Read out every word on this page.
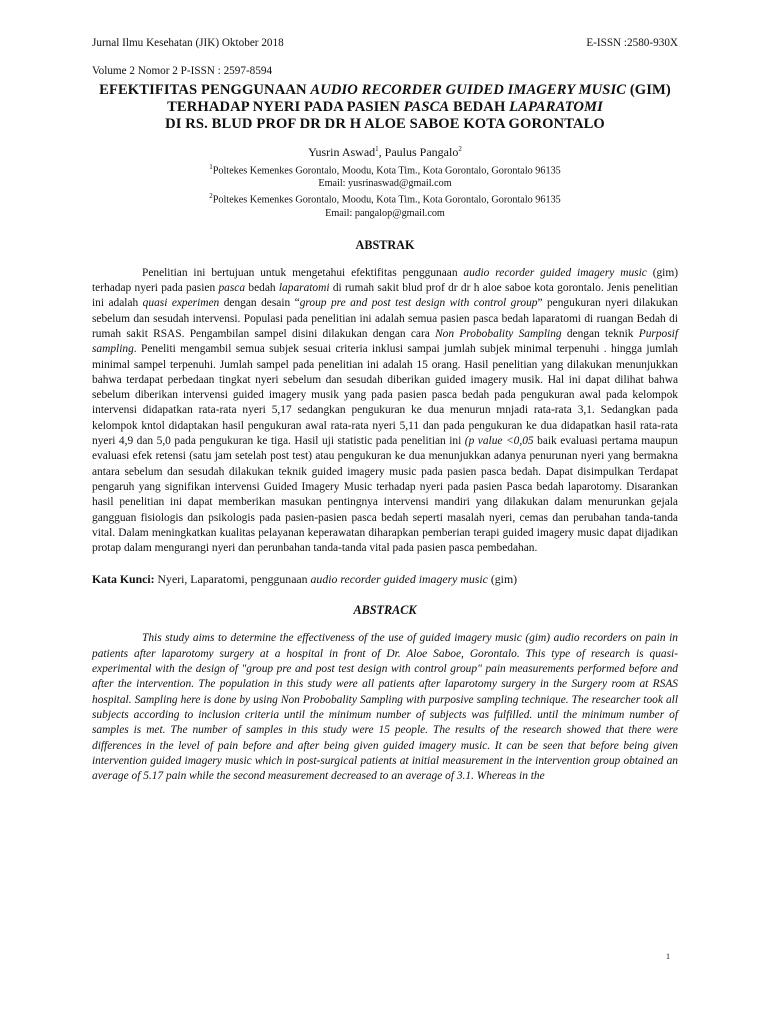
Jurnal Ilmu Kesehatan (JIK) Oktober 2018	E-ISSN :2580-930X
Volume 2 Nomor 2 P-ISSN : 2597-8594
EFEKTIFITAS PENGGUNAAN AUDIO RECORDER GUIDED IMAGERY MUSIC (GIM) TERHADAP NYERI PADA PASIEN PASCA BEDAH LAPARATOMI
DI RS. BLUD PROF DR DR H ALOE SABOE KOTA GORONTALO
Yusrin Aswad$^1$, Paulus Pangalo$^2$
$^1$Poltekes Kemenkes Gorontalo, Moodu, Kota Tim., Kota Gorontalo, Gorontalo 96135
Email: yusrinaswad@gmail.com
$^2$Poltekes Kemenkes Gorontalo, Moodu, Kota Tim., Kota Gorontalo, Gorontalo 96135
Email: pangalop@gmail.com
ABSTRAK

Penelitian ini bertujuan untuk mengetahui efektifitas penggunaan audio recorder guided imagery music (gim) terhadap nyeri pada pasien pasca bedah laparatomi di rumah sakit blud prof dr dr h aloe saboe kota gorontalo. Jenis penelitian ini adalah quasi experimen dengan desain “group pre and post test design with control group” pengukuran nyeri dilakukan sebelum dan sesudah intervensi. Populasi pada penelitian ini adalah semua pasien pasca bedah laparatomi di ruangan Bedah di rumah sakit RSAS. Pengambilan sampel disini dilakukan dengan cara Non Probobality Sampling dengan teknik Purposif sampling. Peneliti mengambil semua subjek sesuai criteria inklusi sampai jumlah subjek minimal terpenuhi . hingga jumlah minimal sampel terpenuhi. Jumlah sampel pada penelitian ini adalah 15 orang. Hasil penelitian yang dilakukan menunjukkan bahwa terdapat perbedaan tingkat nyeri sebelum dan sesudah diberikan guided imagery musik. Hal ini dapat dilihat bahwa sebelum diberikan intervensi guided imagery musik yang pada pasien pasca bedah pada pengukuran awal pada kelompok intervensi didapatkan rata-rata nyeri 5,17 sedangkan pengukuran ke dua menurun mnjadi rata-rata 3,1. Sedangkan pada kelompok kntol didaptakan hasil pengukuran awal rata-rata nyeri 5,11 dan pada pengukuran ke dua didapatkan hasil rata-rata nyeri 4,9 dan 5,0 pada pengukuran ke tiga. Hasil uji statistic pada penelitian ini (p value <0,05 baik evaluasi pertama maupun evaluasi efek retensi (satu jam setelah post test) atau pengukuran ke dua menunjukkan adanya penurunan nyeri yang bermakna antara sebelum dan sesudah dilakukan teknik guided imagery music pada pasien pasca bedah. Dapat disimpulkan Terdapat pengaruh yang signifikan intervensi Guided Imagery Music terhadap nyeri pada pasien Pasca bedah laparotomy. Disarankan hasil penelitian ini dapat memberikan masukan pentingnya intervensi mandiri yang dilakukan dalam menurunkan gejala gangguan fisiologis dan psikologis pada pasien-pasien pasca bedah seperti masalah nyeri, cemas dan perubahan tanda-tanda vital. Dalam meningkatkan kualitas pelayanan keperawatan diharapkan pemberian terapi guided imagery music dapat dijadikan protap dalam mengurangi nyeri dan perunbahan tanda-tanda vital pada pasien pasca pembedahan.

Kata Kunci: Nyeri, Laparatomi, penggunaan audio recorder guided imagery music (gim)
ABSTRACK

This study aims to determine the effectiveness of the use of guided imagery music (gim) audio recorders on pain in patients after laparotomy surgery at a hospital in front of Dr. Aloe Saboe, Gorontalo. This type of research is quasi-experimental with the design of "group pre and post test design with control group" pain measurements performed before and after the intervention. The population in this study were all patients after laparotomy surgery in the Surgery room at RSAS hospital. Sampling here is done by using Non Probobality Sampling with purposive sampling technique. The researcher took all subjects according to inclusion criteria until the minimum number of subjects was fulfilled. until the minimum number of samples is met. The number of samples in this study were 15 people. The results of the research showed that there were differences in the level of pain before and after being given guided imagery music. It can be seen that before being given intervention guided imagery music which in post-surgical patients at initial measurement in the intervention group obtained an average of 5.17 pain while the second measurement decreased to an average of 3.1. Whereas in the

1
